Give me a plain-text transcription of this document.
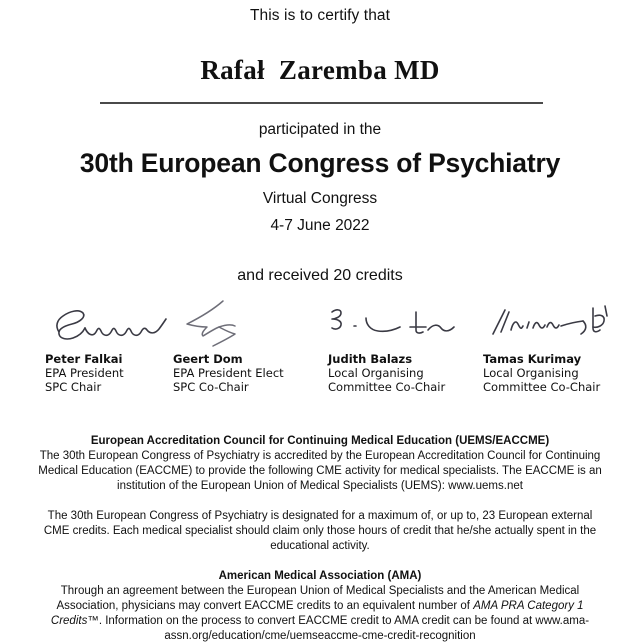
This is to certify that
Rafał  Zaremba MD
participated in the
30th European Congress of Psychiatry
Virtual Congress
4-7 June 2022
and received 20 credits
Peter Falkai
EPA President
SPC Chair
Geert Dom
EPA President Elect
SPC Co-Chair
Judith Balazs
Local Organising
Committee Co-Chair
Tamas Kurimay
Local Organising
Committee Co-Chair
European Accreditation Council for Continuing Medical Education (UEMS/EACCME)
The 30th European Congress of Psychiatry is accredited by the European Accreditation Council for Continuing Medical Education (EACCME) to provide the following CME activity for medical specialists. The EACCME is an institution of the European Union of Medical Specialists (UEMS): www.uems.net
The 30th European Congress of Psychiatry is designated for a maximum of, or up to, 23 European external CME credits. Each medical specialist should claim only those hours of credit that he/she actually spent in the educational activity.
American Medical Association (AMA)
Through an agreement between the European Union of Medical Specialists and the American Medical Association, physicians may convert EACCME credits to an equivalent number of AMA PRA Category 1 Credits™. Information on the process to convert EACCME credit to AMA credit can be found at www.ama-assn.org/education/cme/uemseaccme-cme-credit-recognition
